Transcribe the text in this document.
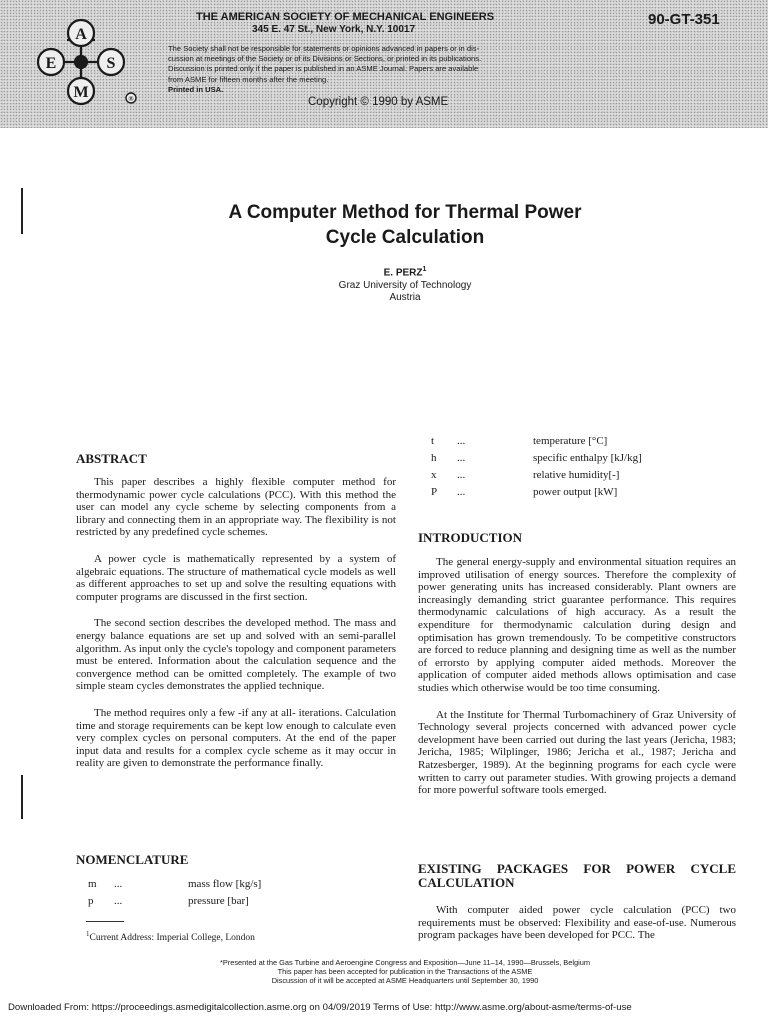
A
E	S
M	®
THE AMERICAN SOCIETY OF MECHANICAL ENGINEERS
345 E. 47 St., New York, N.Y. 10017
90-GT-351
The Society shall not be responsible for statements or opinions advanced in papers or in dis-
cussion at meetings of the Society or of its Divisions or Sections, or printed in its publications.
Discussion is printed only if the paper is published in an ASME Journal. Papers are available
from ASME for fifteen months after the meeting.
Printed in USA.
Copyright © 1990 by ASME
A Computer Method for Thermal Power
Cycle Calculation
E. PERZ$^1$
Graz University of Technology
Austria
ABSTRACT

This paper describes a highly flexible computer method for thermodynamic power cycle calculations (PCC). With this method the user can model any cycle scheme by selecting components from a library and connecting them in an appropriate way. The flexibility is not restricted by any predefined cycle schemes.

A power cycle is mathematically represented by a system of algebraic equations. The structure of mathematical cycle models as well as different approaches to set up and solve the resulting equations with computer programs are discussed in the first section.

The second section describes the developed method. The mass and energy balance equations are set up and solved with an semi-parallel algorithm. As input only the cycle's topology and component parameters must be entered. Information about the calculation sequence and the convergence method can be omitted completely. The example of two simple steam cycles demonstrates the applied technique.

The method requires only a few -if any at all- iterations. Calculation time and storage requirements can be kept low enough to calculate even very complex cycles on personal computers. At the end of the paper input data and results for a complex cycle scheme as it may occur in reality are given to demonstrate the performance finally.

NOMENCLATURE
m ...	mass flow [kg/s]
p ...	pressure [bar]
$^1$Current Address: Imperial College, London
t ...	temperature [°C]
h ...	specific enthalpy [kJ/kg]
x ...	relative humidity[-]
P ...	power output [kW]
INTRODUCTION

The general energy-supply and environmental situation requires an improved utilisation of energy sources. Therefore the complexity of power generating units has increased considerably. Plant owners are increasingly demanding strict guarantee performance. This requires thermodynamic calculations of high accuracy. As a result the expenditure for thermodynamic calculation during design and optimisation has grown tremendously. To be competitive constructors are forced to reduce planning and designing time as well as the number of errorsto by applying computer aided methods. Moreover the application of computer aided methods allows optimisation and case studies which otherwise would be too time consuming.

At the Institute for Thermal Turbomachinery of Graz University of Technology several projects concerned with advanced power cycle development have been carried out during the last years (Jericha, 1983; Jericha, 1985; Wilplinger, 1986; Jericha et al., 1987; Jericha and Ratzesberger, 1989). At the beginning programs for each cycle were written to carry out parameter studies. With growing projects a demand for more powerful software tools emerged.

EXISTING PACKAGES FOR POWER CYCLE
CALCULATION

With computer aided power cycle calculation (PCC) two requirements must be observed: Flexibility and ease-of-use. Numerous program packages have been developed for PCC. The

*Presented at the Gas Turbine and Aeroengine Congress and Exposition—June 11–14, 1990—Brussels, Belgium
This paper has been accepted for publication in the Transactions of the ASME
Discussion of it will be accepted at ASME Headquarters until September 30, 1990
Downloaded From: https://proceedings.asmedigitalcollection.asme.org on 04/09/2019 Terms of Use: http://www.asme.org/about-asme/terms-of-use
